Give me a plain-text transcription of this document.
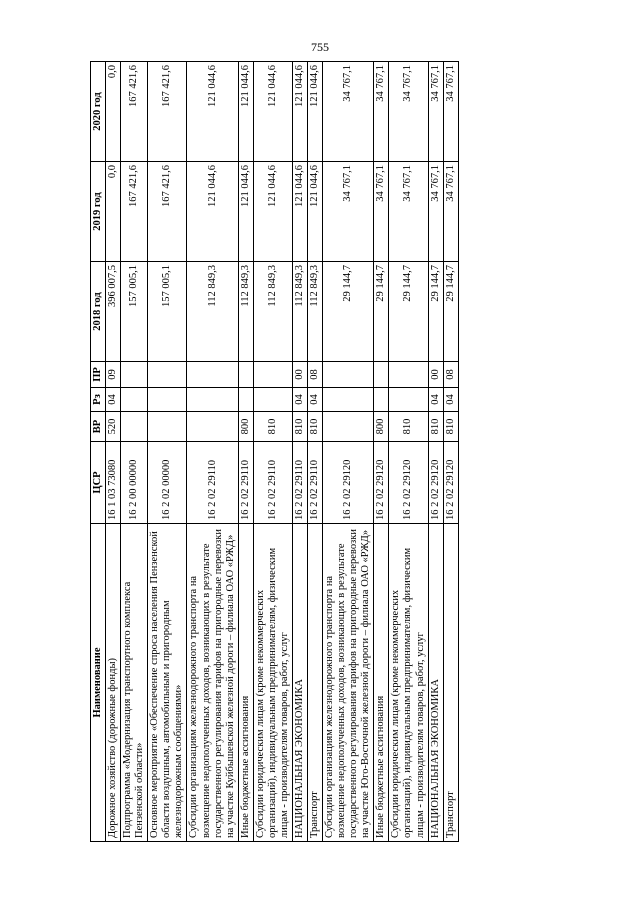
755
Наименование	ЦСР	ВР	Рз	ПР	2018 год	2019 год	2020 год
Дорожное хозяйство (дорожные фонды)	16 1 03 73080	520	04	09	396 007,5	0,0	0,0
Подпрограмма «Модернизация транспортного комплекса Пензенской области»	16 2 00 00000				157 005,1	167 421,6	167 421,6
Основное мероприятие «Обеспечение спроса населения Пензенской области воздушным, автомобильным и пригородным железнодорожным сообщениями»	16 2 02 00000				157 005,1	167 421,6	167 421,6
Субсидии организациям железнодорожного транспорта на возмещение недополученных доходов, возникающих в результате государственного регулирования тарифов на пригородные перевозки на участке Куйбышевской железной дороги – филиала ОАО «РЖД»	16 2 02 29110				112 849,3	121 044,6	121 044,6
Иные бюджетные ассигнования	16 2 02 29110	800			112 849,3	121 044,6	121 044,6
Субсидии юридическим лицам (кроме некоммерческих организаций), индивидуальным предпринимателям, физическим лицам - производителям товаров, работ, услуг	16 2 02 29110	810			112 849,3	121 044,6	121 044,6
НАЦИОНАЛЬНАЯ ЭКОНОМИКА	16 2 02 29110	810	04	00	112 849,3	121 044,6	121 044,6
Транспорт	16 2 02 29110	810	04	08	112 849,3	121 044,6	121 044,6
Субсидии организациям железнодорожного транспорта на возмещение недополученных доходов, возникающих в результате государственного регулирования тарифов на пригородные перевозки на участке Юго-Восточной железной дороги – филиала ОАО «РЖД»	16 2 02 29120				29 144,7	34 767,1	34 767,1
Иные бюджетные ассигнования	16 2 02 29120	800			29 144,7	34 767,1	34 767,1
Субсидии юридическим лицам (кроме некоммерческих организаций), индивидуальным предпринимателям, физическим лицам - производителям товаров, работ, услуг	16 2 02 29120	810			29 144,7	34 767,1	34 767,1
НАЦИОНАЛЬНАЯ ЭКОНОМИКА	16 2 02 29120	810	04	00	29 144,7	34 767,1	34 767,1
Транспорт	16 2 02 29120	810	04	08	29 144,7	34 767,1	34 767,1
